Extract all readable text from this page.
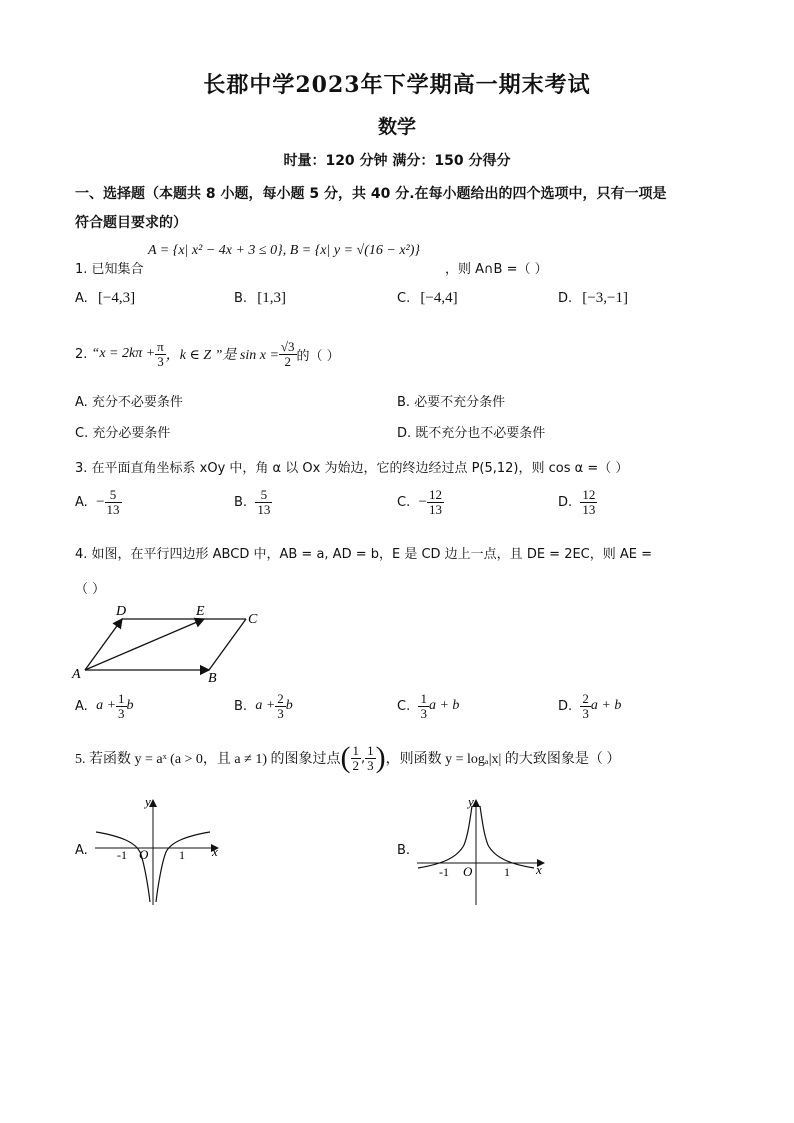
长郡中学2023年下学期高一期末考试
数学
时量：120 分钟 满分：150 分得分
一、选择题（本题共 8 小题，每小题 5 分，共 40 分.在每小题给出的四个选项中，只有一项是
符合题目要求的）
1. 已知集合
A = {x| x² − 4x + 3 ≤ 0}, B = {x| y = √(16 − x²)}
，则 A∩B =（ ）
A. [−4,3]	B. [1,3]	C. [−4,4]	D. [−3,−1]
2.
“$x = 2k\pi + \frac{\pi}{3}$ ，k ∈ Z ”是 $\sin x = \frac{√3}{2}$ 的（ ）
A. 充分不必要条件	B. 必要不充分条件
C. 充分必要条件	D. 既不充分也不必要条件
3. 在平面直角坐标系 xOy 中，角 α 以 Ox 为始边，它的终边经过点 P(5,12)，则 cos α =（ ）
A.
− $\frac{5}{13}$	B.
$\frac{5}{13}$	C.
− $\frac{12}{13}$	D.
$\frac{12}{13}$
4. 如图，在平行四边形 ABCD 中，AB = a, AD = b，E 是 CD 边上一点，且 DE = 2EC，则 AE =
（ ）
D	E
C
A	B
A.
$a + \frac{1}{3}$ b	B.
$a + \frac{2}{3}$ b	C.
$\frac{1}{3}$ a + b	D.
$\frac{2}{3}$ a + b
5. 若函数 y = aˣ (a > 0，且 a ≠ 1) 的图象过点 ( $\frac{1}{2}$ , $\frac{1}{3}$ ) ，则函数 y = logₐ|x| 的大致图象是（ ）
A.
y
x
O
-1	1	B.
y
x
O
-1	1
